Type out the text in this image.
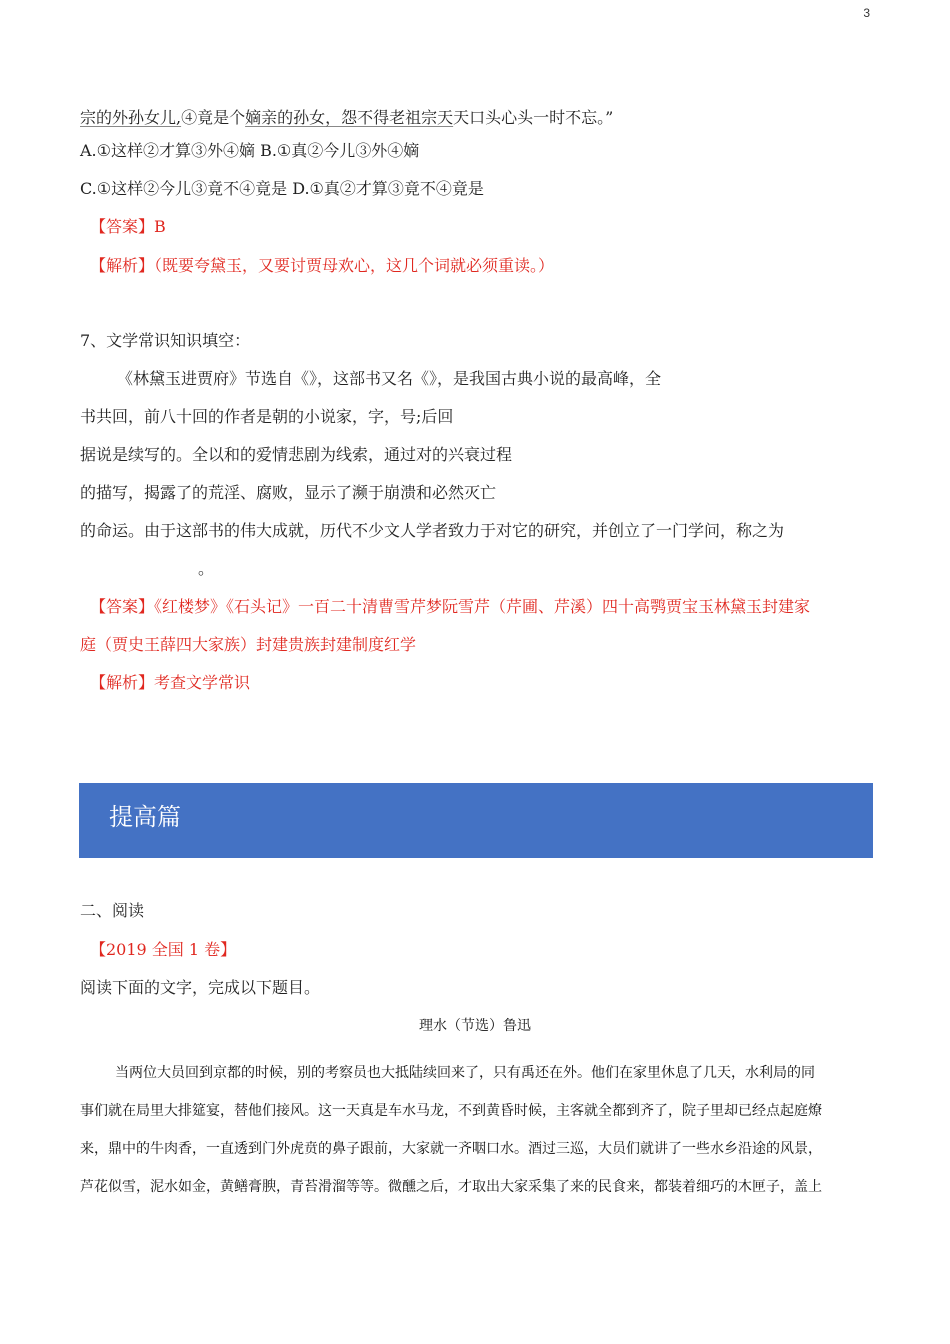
3
宗的外孙女儿,④竟是个嫡亲的孙女，怨不得老祖宗天天口头心头一时不忘。”
A.①这样②才算③外④嫡 B.①真②今儿③外④嫡
C.①这样②今儿③竟不④竟是 D.①真②才算③竟不④竟是
【答案】B
【解析】（既要夸黛玉，又要讨贾母欢心，这几个词就必须重读。）
7、文学常识知识填空：
《林黛玉进贾府》节选自《》，这部书又名《》，是我国古典小说的最高峰，全
书共回，前八十回的作者是朝的小说家，字，号;后回
据说是续写的。全以和的爱情悲剧为线索，通过对的兴衰过程
的描写，揭露了的荒淫、腐败，显示了濒于崩溃和必然灭亡
的命运。由于这部书的伟大成就，历代不少文人学者致力于对它的研究，并创立了一门学问，称之为
。
【答案】《红楼梦》《石头记》一百二十清曹雪芹梦阮雪芹（芹圃、芹溪）四十高鹗贾宝玉林黛玉封建家
庭（贾史王薛四大家族）封建贵族封建制度红学
【解析】考查文学常识
提高篇
二、阅读
【2019 全国 1 卷】
阅读下面的文字，完成以下题目。
理水（节选）鲁迅
当两位大员回到京都的时候，别的考察员也大抵陆续回来了，只有禹还在外。他们在家里休息了几天，水利局的同
事们就在局里大排筵宴，替他们接风。这一天真是车水马龙，不到黄昏时候，主客就全都到齐了，院子里却已经点起庭燎
来，鼎中的牛肉香，一直透到门外虎贲的鼻子跟前，大家就一齐咽口水。酒过三巡，大员们就讲了一些水乡沿途的风景，
芦花似雪，泥水如金，黄鳝膏腴，青苔滑溜等等。微醺之后，才取出大家采集了来的民食来，都装着细巧的木匣子，盖上
